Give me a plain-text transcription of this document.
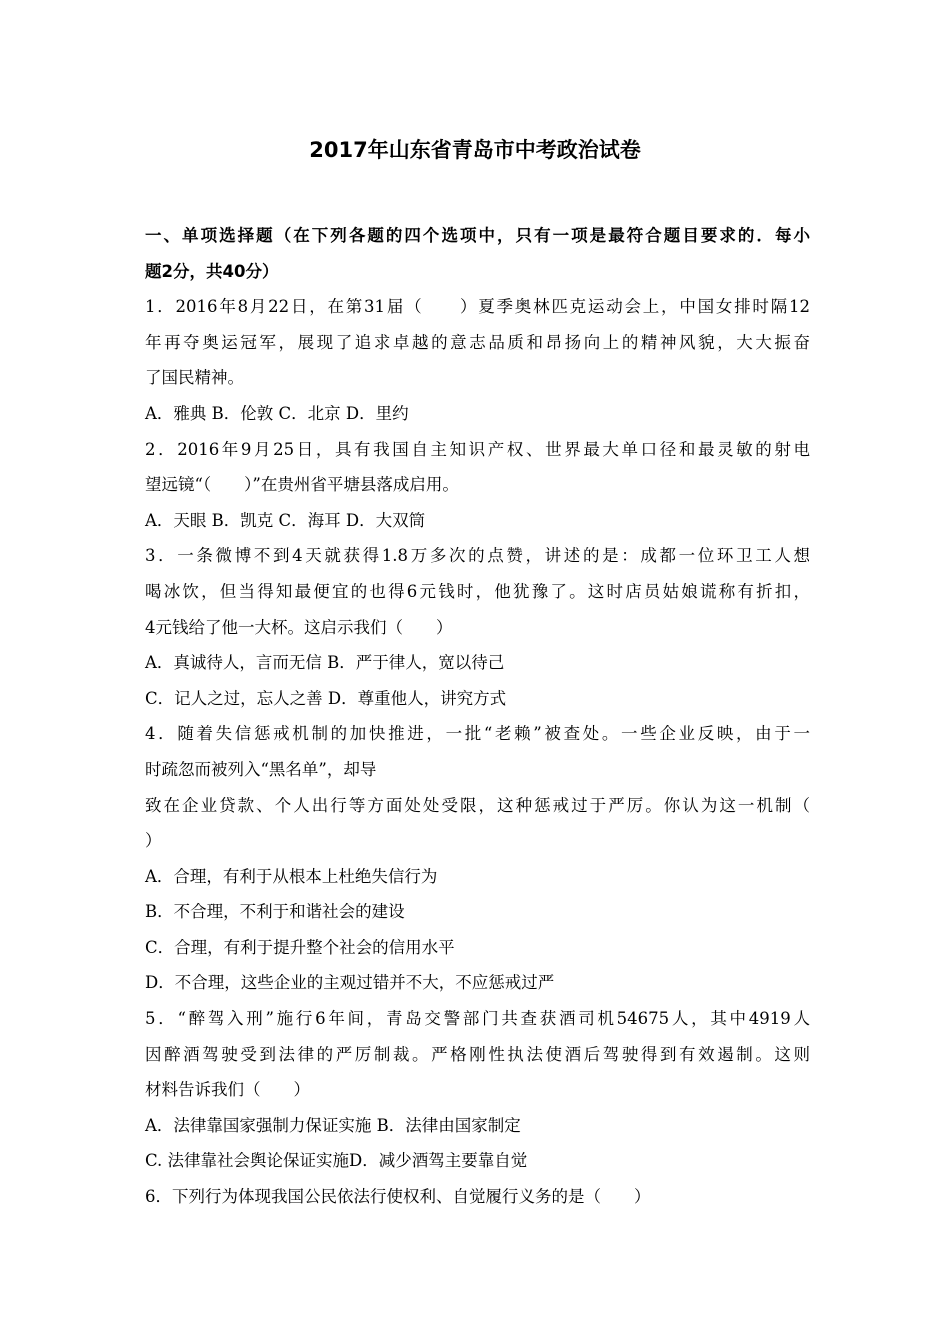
2017年山东省青岛市中考政治试卷
一、单项选择题（在下列各题的四个选项中，只有一项是最符合题目要求的．每小
题2分，共40分）
1．2016年8月22日，在第31届（　　）夏季奥林匹克运动会上，中国女排时隔12
年再夺奥运冠军，展现了追求卓越的意志品质和昂扬向上的精神风貌，大大振奋
了国民精神。
A．雅典 B．伦敦 C．北京 D．里约
2．2016年9月25日，具有我国自主知识产权、世界最大单口径和最灵敏的射电
望远镜“（　　）”在贵州省平塘县落成启用。
A．天眼 B．凯克 C．海耳 D．大双筒
3．一条微博不到4天就获得1.8万多次的点赞，讲述的是：成都一位环卫工人想
喝冰饮，但当得知最便宜的也得6元钱时，他犹豫了。这时店员姑娘谎称有折扣，
4元钱给了他一大杯。这启示我们（　　）
A．真诚待人，言而无信 B．严于律人，宽以待己
C．记人之过，忘人之善 D．尊重他人，讲究方式
4．随着失信惩戒机制的加快推进，一批“老赖”被查处。一些企业反映，由于一
时疏忽而被列入“黑名单”，却导
致在企业贷款、个人出行等方面处处受限，这种惩戒过于严厉。你认为这一机制（
）
A．合理，有利于从根本上杜绝失信行为
B．不合理，不利于和谐社会的建设
C．合理，有利于提升整个社会的信用水平
D．不合理，这些企业的主观过错并不大，不应惩戒过严
5．“醉驾入刑”施行6年间，青岛交警部门共查获酒司机54675人，其中4919人
因醉酒驾驶受到法律的严厉制裁。严格刚性执法使酒后驾驶得到有效遏制。这则
材料告诉我们（　　）
A．法律靠国家强制力保证实施 B．法律由国家制定
C. 法律靠社会舆论保证实施D．减少酒驾主要靠自觉
6．下列行为体现我国公民依法行使权利、自觉履行义务的是（　　）
